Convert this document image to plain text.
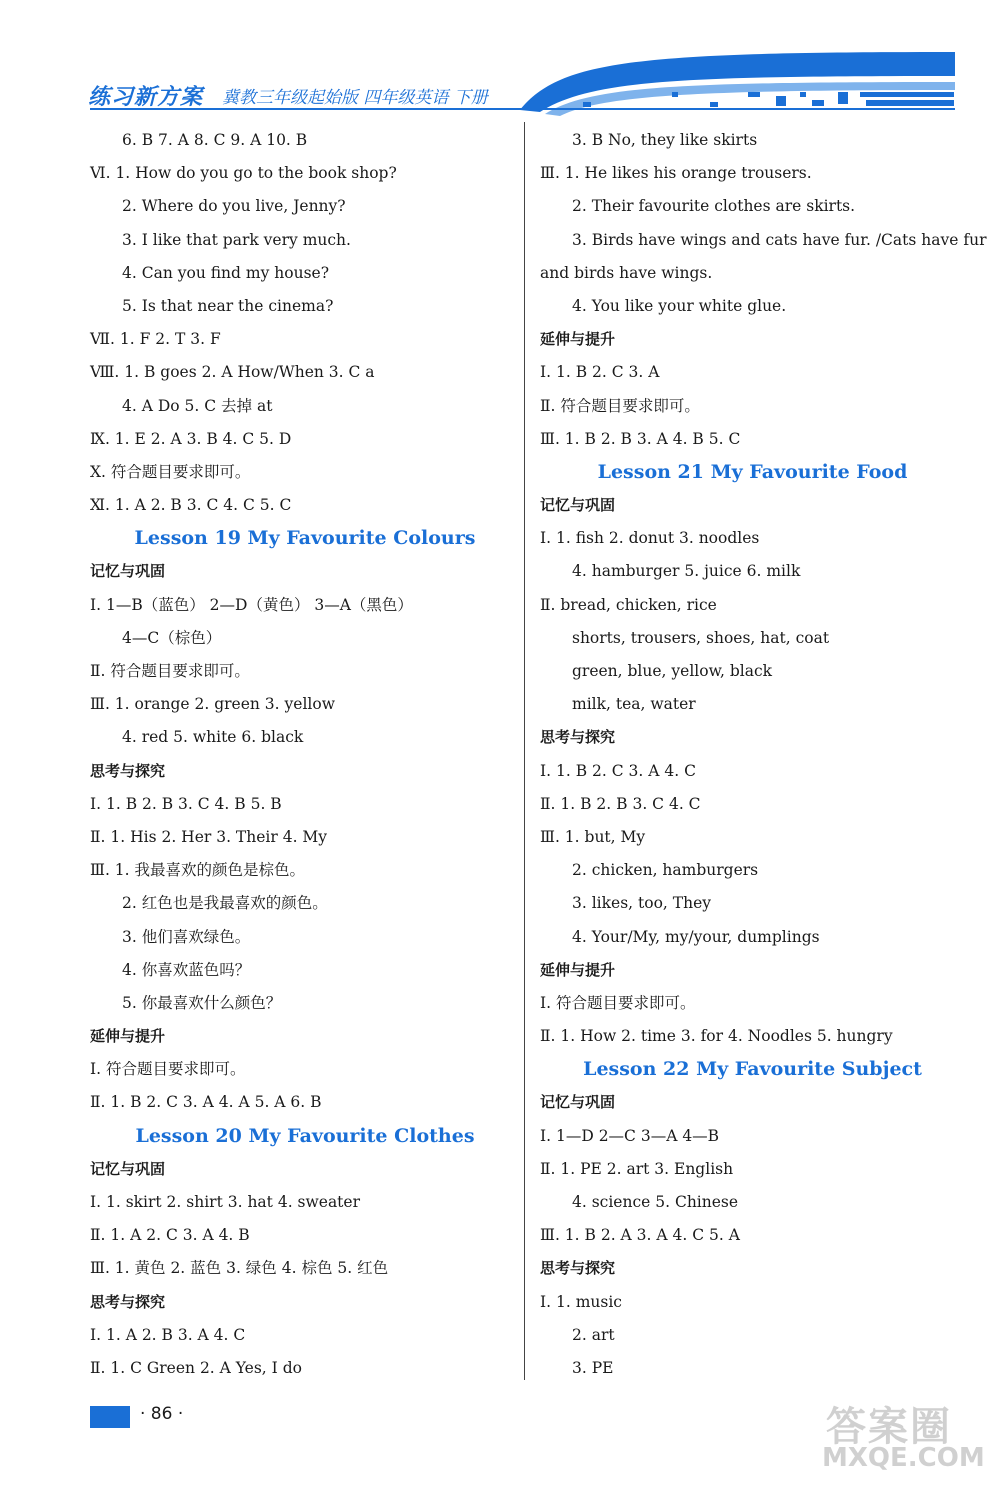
练习新方案 冀教三年级起始版 四年级英语 下册
6. B 7. A 8. C 9. A 10. B
Ⅵ. 1. How do you go to the book shop?
2. Where do you live, Jenny?
3. I like that park very much.
4. Can you find my house?
5. Is that near the cinema?
Ⅶ. 1. F 2. T 3. F
Ⅷ. 1. B goes 2. A How/When 3. C a
4. A Do 5. C 去掉 at
Ⅸ. 1. E 2. A 3. B 4. C 5. D
Ⅹ. 符合题目要求即可。
Ⅺ. 1. A 2. B 3. C 4. C 5. C
Lesson 19 My Favourite Colours
记忆与巩固
Ⅰ. 1—B（蓝色） 2—D（黄色） 3—A（黑色）
4—C（棕色）
Ⅱ. 符合题目要求即可。
Ⅲ. 1. orange 2. green 3. yellow
4. red 5. white 6. black
思考与探究
Ⅰ. 1. B 2. B 3. C 4. B 5. B
Ⅱ. 1. His 2. Her 3. Their 4. My
Ⅲ. 1. 我最喜欢的颜色是棕色。
2. 红色也是我最喜欢的颜色。
3. 他们喜欢绿色。
4. 你喜欢蓝色吗？
5. 你最喜欢什么颜色？
延伸与提升
Ⅰ. 符合题目要求即可。
Ⅱ. 1. B 2. C 3. A 4. A 5. A 6. B
Lesson 20 My Favourite Clothes
记忆与巩固
Ⅰ. 1. skirt 2. shirt 3. hat 4. sweater
Ⅱ. 1. A 2. C 3. A 4. B
Ⅲ. 1. 黄色 2. 蓝色 3. 绿色 4. 棕色 5. 红色
思考与探究
Ⅰ. 1. A 2. B 3. A 4. C
Ⅱ. 1. C Green 2. A Yes, I do
3. B No, they like skirts
Ⅲ. 1. He likes his orange trousers.
2. Their favourite clothes are skirts.
3. Birds have wings and cats have fur. /Cats have fur
and birds have wings.
4. You like your white glue.
延伸与提升
Ⅰ. 1. B 2. C 3. A
Ⅱ. 符合题目要求即可。
Ⅲ. 1. B 2. B 3. A 4. B 5. C
Lesson 21 My Favourite Food
记忆与巩固
Ⅰ. 1. fish 2. donut 3. noodles
4. hamburger 5. juice 6. milk
Ⅱ. bread, chicken, rice
shorts, trousers, shoes, hat, coat
green, blue, yellow, black
milk, tea, water
思考与探究
Ⅰ. 1. B 2. C 3. A 4. C
Ⅱ. 1. B 2. B 3. C 4. C
Ⅲ. 1. but, My
2. chicken, hamburgers
3. likes, too, They
4. Your/My, my/your, dumplings
延伸与提升
Ⅰ. 符合题目要求即可。
Ⅱ. 1. How 2. time 3. for 4. Noodles 5. hungry
Lesson 22 My Favourite Subject
记忆与巩固
Ⅰ. 1—D 2—C 3—A 4—B
Ⅱ. 1. PE 2. art 3. English
4. science 5. Chinese
Ⅲ. 1. B 2. A 3. A 4. C 5. A
思考与探究
Ⅰ. 1. music
2. art
3. PE
· 86 ·	答案圈
MXQE.COM
